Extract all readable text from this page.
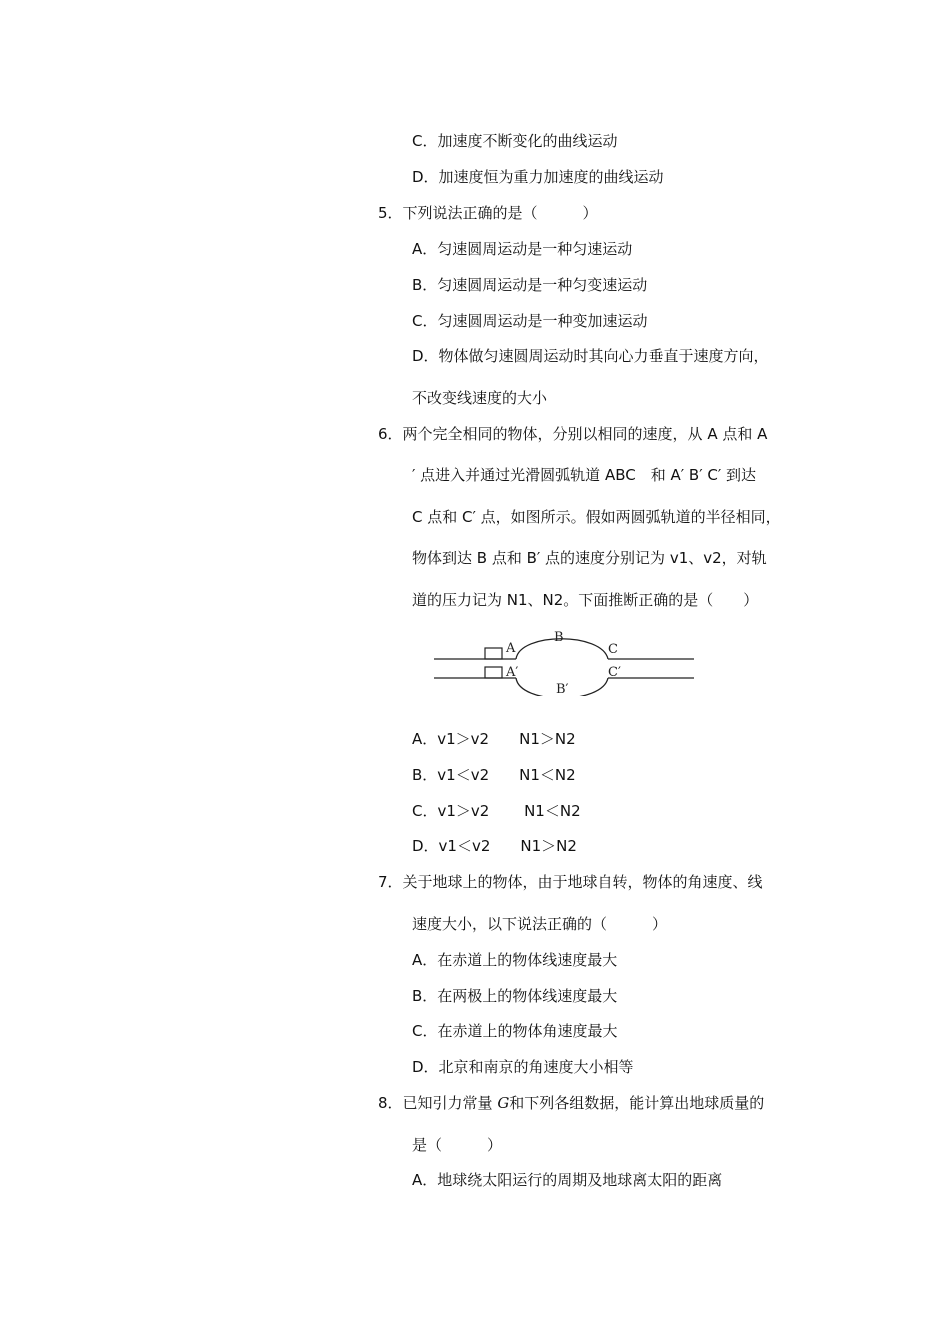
C．加速度不断变化的曲线运动
D．加速度恒为重力加速度的曲线运动
5．下列说法正确的是（　　　）
A．匀速圆周运动是一种匀速运动
B．匀速圆周运动是一种匀变速运动
C．匀速圆周运动是一种变加速运动
D．物体做匀速圆周运动时其向心力垂直于速度方向，
不改变线速度的大小
6．两个完全相同的物体，分别以相同的速度，从 A 点和 A
′ 点进入并通过光滑圆弧轨道 ABC　和 A′ B′ C′ 到达
C 点和 C′ 点，如图所示。假如两圆弧轨道的半径相同，
物体到达 B 点和 B′ 点的速度分别记为 v1、v2，对轨
道的压力记为 N1、N2。下面推断正确的是（　　）
A
B
C
A′
B′
C′
A．v1＞v2　　N1＞N2
B．v1＜v2　　N1＜N2
C．v1＞v2　　 N1＜N2
D．v1＜v2　　N1＞N2
7．关于地球上的物体，由于地球自转，物体的角速度、线
速度大小，以下说法正确的（　　　）
A．在赤道上的物体线速度最大
B．在两极上的物体线速度最大
C．在赤道上的物体角速度最大
D．北京和南京的角速度大小相等
8．已知引力常量 G和下列各组数据，能计算出地球质量的
是（　　　）
A．地球绕太阳运行的周期及地球离太阳的距离
